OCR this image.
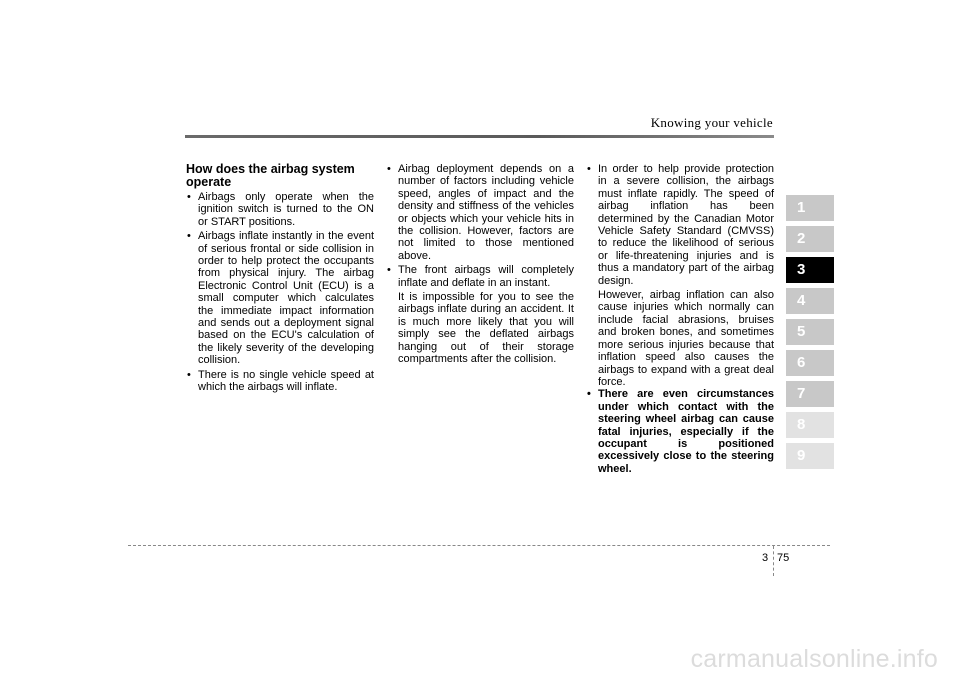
Knowing your vehicle
How does the airbag system operate
• Airbags only operate when the ignition switch is turned to the ON or START positions.
• Airbags inflate instantly in the event of serious frontal or side collision in order to help protect the occupants from physical injury. The airbag Electronic Control Unit (ECU) is a small computer which calculates the immediate impact information and sends out a deployment signal based on the ECU's calculation of the likely severity of the developing collision.
• There is no single vehicle speed at which the airbags will inflate.
• Airbag deployment depends on a number of factors including vehicle speed, angles of impact and the density and stiffness of the vehicles or objects which your vehicle hits in the collision. However, factors are not limited to those mentioned above.
• The front airbags will completely inflate and deflate in an instant.
It is impossible for you to see the airbags inflate during an accident. It is much more likely that you will simply see the deflated airbags hanging out of their storage compartments after the collision.
• In order to help provide protection in a severe collision, the airbags must inflate rapidly. The speed of airbag inflation has been determined by the Canadian Motor Vehicle Safety Standard (CMVSS) to reduce the likelihood of serious or life-threatening injuries and is thus a mandatory part of the airbag design.
However, airbag inflation can also cause injuries which normally can include facial abrasions, bruises and broken bones, and sometimes more serious injuries because that inflation speed also causes the airbags to expand with a great deal force.
• There are even circumstances under which contact with the steering wheel airbag can cause fatal injuries, especially if the occupant is positioned excessively close to the steering wheel.
1
2
3
4
5
6
7
8
9
3 75
carmanualsonline.info
